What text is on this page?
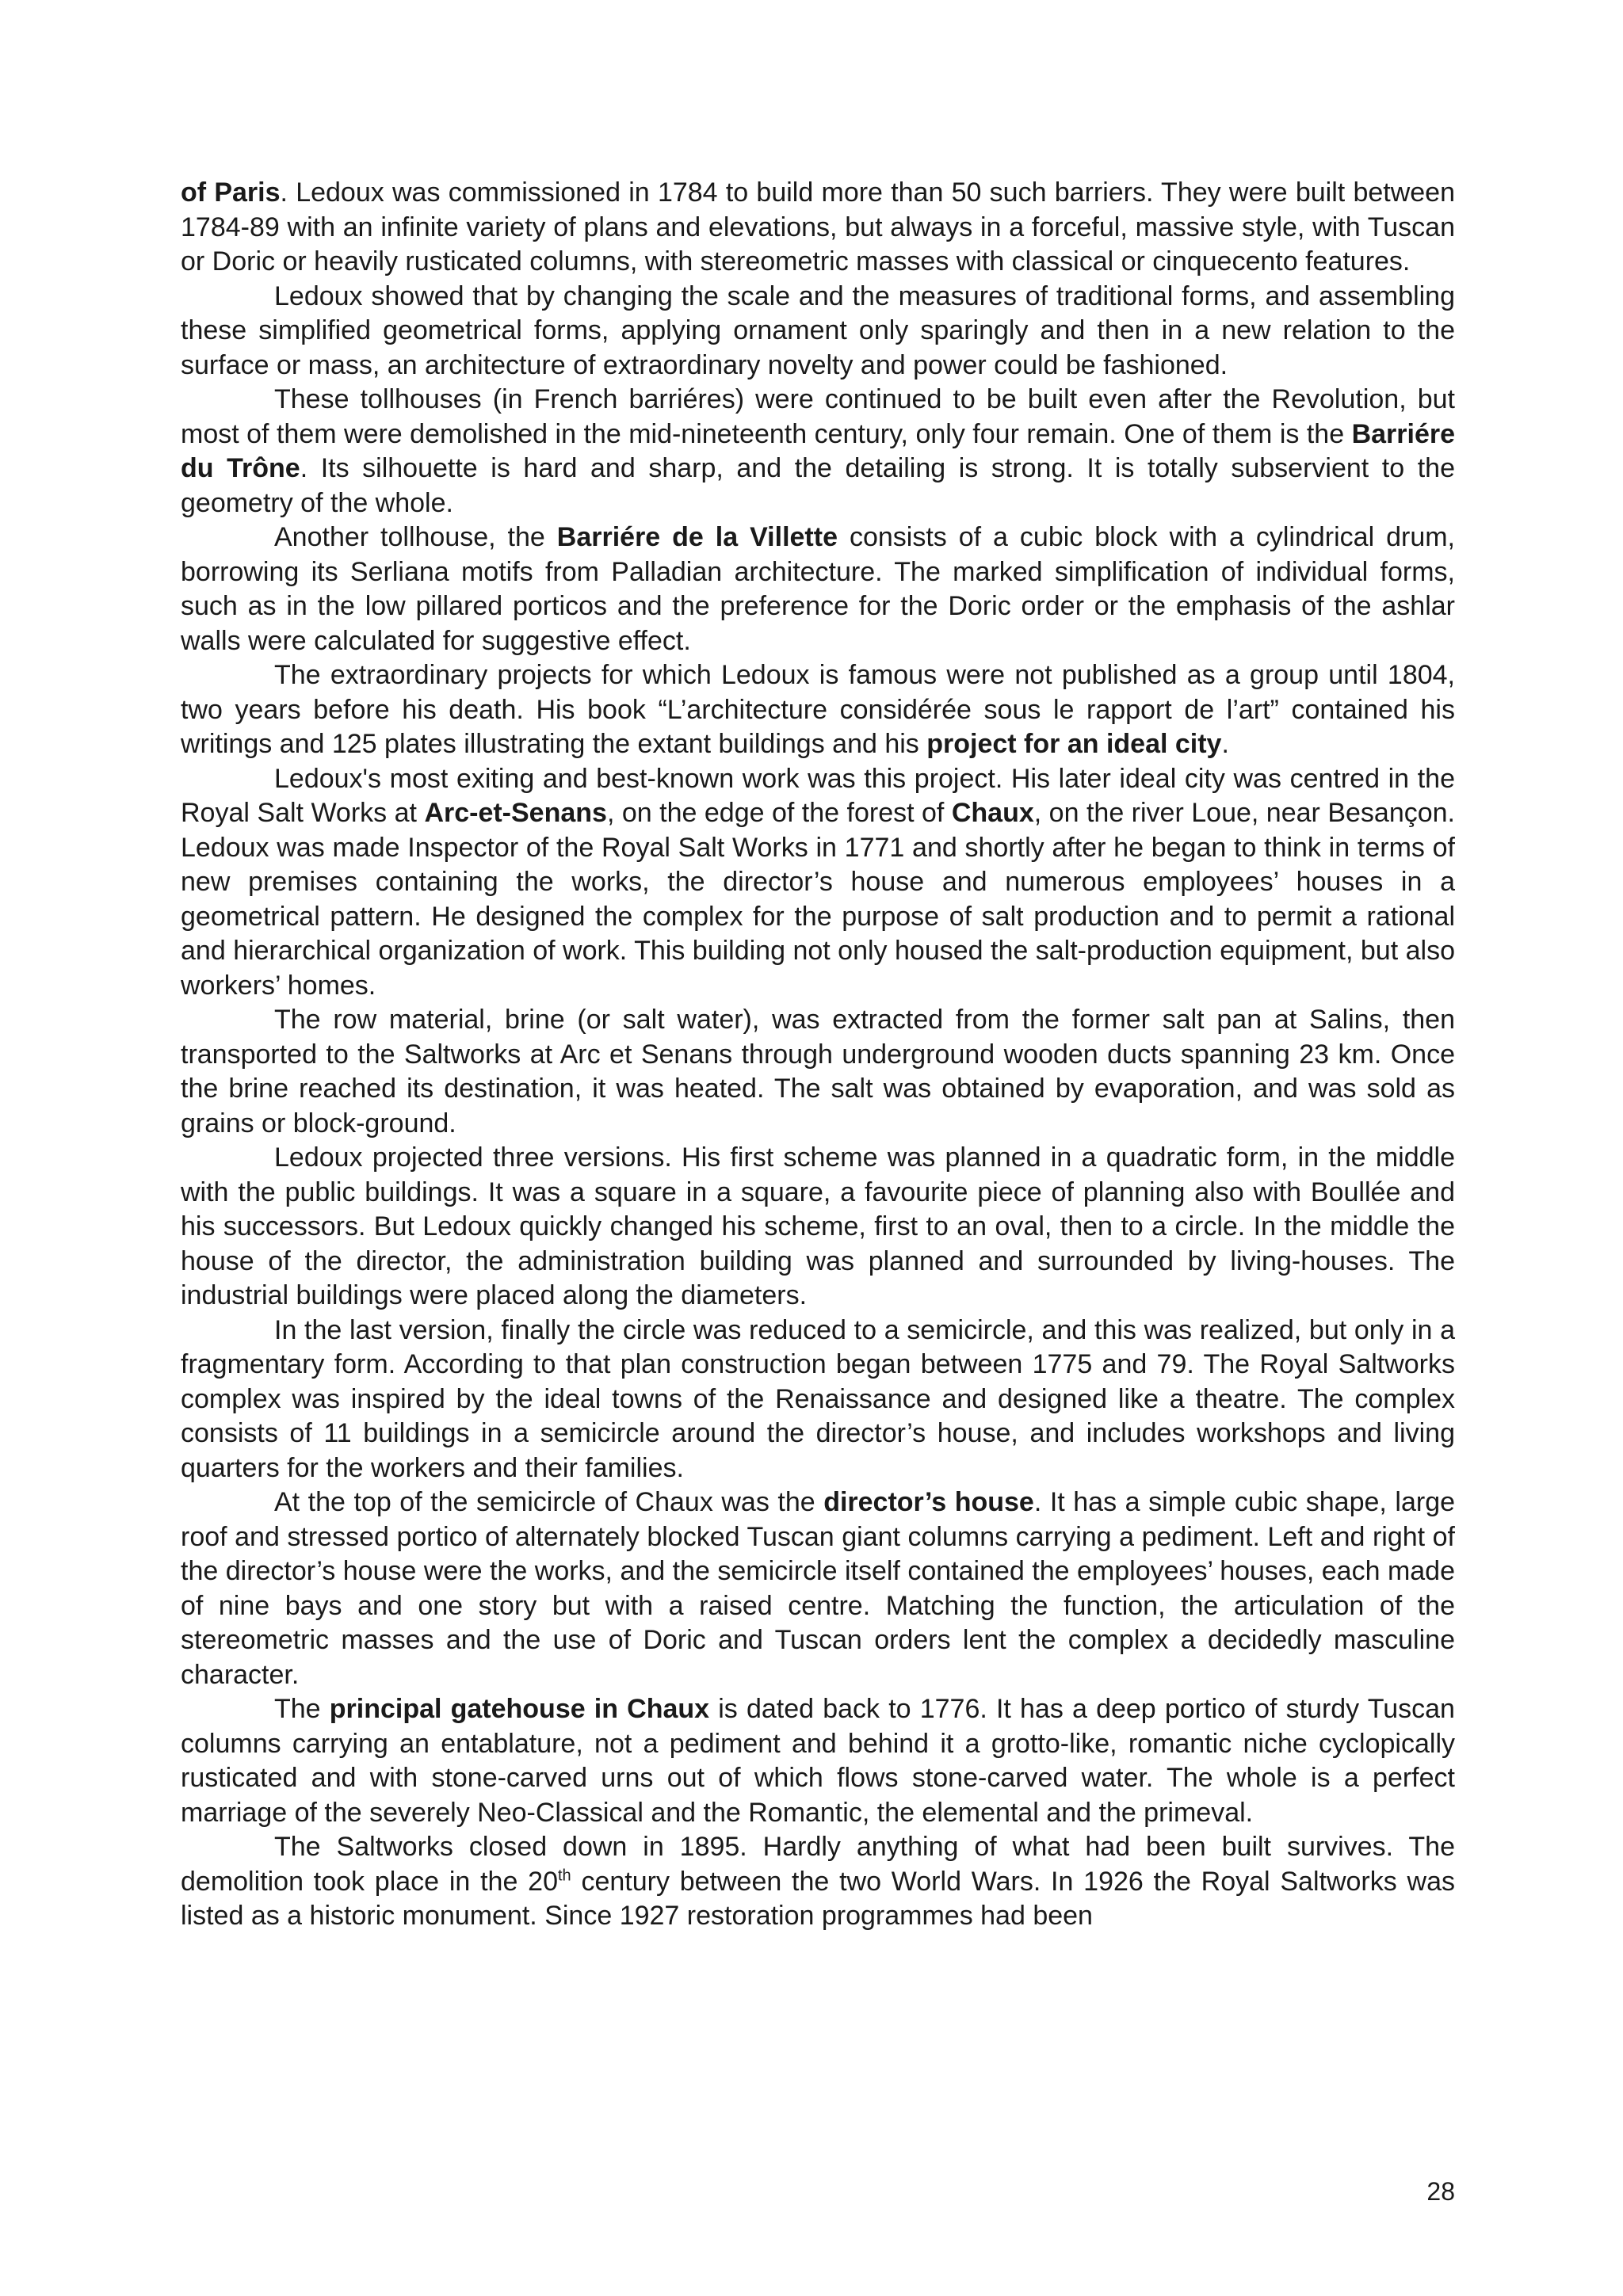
of Paris. Ledoux was commissioned in 1784 to build more than 50 such barriers. They were built between 1784-89 with an infinite variety of plans and elevations, but always in a forceful, massive style, with Tuscan or Doric or heavily rusticated columns, with stereometric masses with classical or cinquecento features.

Ledoux showed that by changing the scale and the measures of traditional forms, and assembling these simplified geometrical forms, applying ornament only sparingly and then in a new relation to the surface or mass, an architecture of extraordinary novelty and power could be fashioned.

These tollhouses (in French barriéres) were continued to be built even after the Revolution, but most of them were demolished in the mid-nineteenth century, only four remain. One of them is the Barriére du Trône. Its silhouette is hard and sharp, and the detailing is strong. It is totally subservient to the geometry of the whole.

Another tollhouse, the Barriére de la Villette consists of a cubic block with a cylindrical drum, borrowing its Serliana motifs from Palladian architecture. The marked simplification of individual forms, such as in the low pillared porticos and the preference for the Doric order or the emphasis of the ashlar walls were calculated for suggestive effect.

The extraordinary projects for which Ledoux is famous were not published as a group until 1804, two years before his death. His book “L’architecture considérée sous le rapport de l’art” contained his writings and 125 plates illustrating the extant buildings and his project for an ideal city.

Ledoux's most exiting and best-known work was this project. His later ideal city was centred in the Royal Salt Works at Arc-et-Senans, on the edge of the forest of Chaux, on the river Loue, near Besançon. Ledoux was made Inspector of the Royal Salt Works in 1771 and shortly after he began to think in terms of new premises containing the works, the director’s house and numerous employees’ houses in a geometrical pattern. He designed the complex for the purpose of salt production and to permit a rational and hierarchical organization of work. This building not only housed the salt-production equipment, but also workers’ homes.

The row material, brine (or salt water), was extracted from the former salt pan at Salins, then transported to the Saltworks at Arc et Senans through underground wooden ducts spanning 23 km. Once the brine reached its destination, it was heated. The salt was obtained by evaporation, and was sold as grains or block-ground.

Ledoux projected three versions. His first scheme was planned in a quadratic form, in the middle with the public buildings. It was a square in a square, a favourite piece of planning also with Boullée and his successors. But Ledoux quickly changed his scheme, first to an oval, then to a circle. In the middle the house of the director, the administration building was planned and surrounded by living-houses. The industrial buildings were placed along the diameters.

In the last version, finally the circle was reduced to a semicircle, and this was realized, but only in a fragmentary form. According to that plan construction began between 1775 and 79. The Royal Saltworks complex was inspired by the ideal towns of the Renaissance and designed like a theatre. The complex consists of 11 buildings in a semicircle around the director’s house, and includes workshops and living quarters for the workers and their families.

At the top of the semicircle of Chaux was the director’s house. It has a simple cubic shape, large roof and stressed portico of alternately blocked Tuscan giant columns carrying a pediment. Left and right of the director’s house were the works, and the semicircle itself contained the employees’ houses, each made of nine bays and one story but with a raised centre. Matching the function, the articulation of the stereometric masses and the use of Doric and Tuscan orders lent the complex a decidedly masculine character.

The principal gatehouse in Chaux is dated back to 1776. It has a deep portico of sturdy Tuscan columns carrying an entablature, not a pediment and behind it a grotto-like, romantic niche cyclopically rusticated and with stone-carved urns out of which flows stone-carved water. The whole is a perfect marriage of the severely Neo-Classical and the Romantic, the elemental and the primeval.

The Saltworks closed down in 1895. Hardly anything of what had been built survives. The demolition took place in the 20th century between the two World Wars. In 1926 the Royal Saltworks was listed as a historic monument. Since 1927 restoration programmes had been

28
